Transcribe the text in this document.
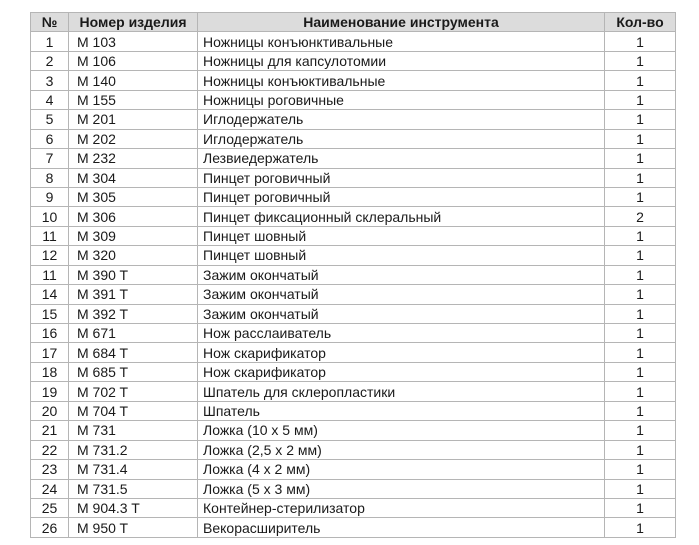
№	Номер изделия	Наименование инструмента	Кол-во
1	M 103	Ножницы конъюнктивальные	1
2	M 106	Ножницы для капсулотомии	1
3	M 140	Ножницы конъюктивальные	1
4	M 155	Ножницы роговичные	1
5	M 201	Иглодержатель	1
6	M 202	Иглодержатель	1
7	M 232	Лезвиедержатель	1
8	M 304	Пинцет роговичный	1
9	M 305	Пинцет роговичный	1
10	M 306	Пинцет фиксационный склеральный	2
11	M 309	Пинцет шовный	1
12	M 320	Пинцет шовный	1
11	M 390 T	Зажим окончатый	1
14	M 391 T	Зажим окончатый	1
15	M 392 T	Зажим окончатый	1
16	M 671	Нож расслаиватель	1
17	M 684 T	Нож скарификатор	1
18	M 685 T	Нож скарификатор	1
19	M 702 T	Шпатель для склеропластики	1
20	M 704 T	Шпатель	1
21	M 731	Ложка (10 х 5 мм)	1
22	M 731.2	Ложка (2,5 х 2 мм)	1
23	M 731.4	Ложка (4 х 2 мм)	1
24	M 731.5	Ложка (5 х 3 мм)	1
25	M 904.3 T	Контейнер-стерилизатор	1
26	M 950 T	Векорасширитель	1
